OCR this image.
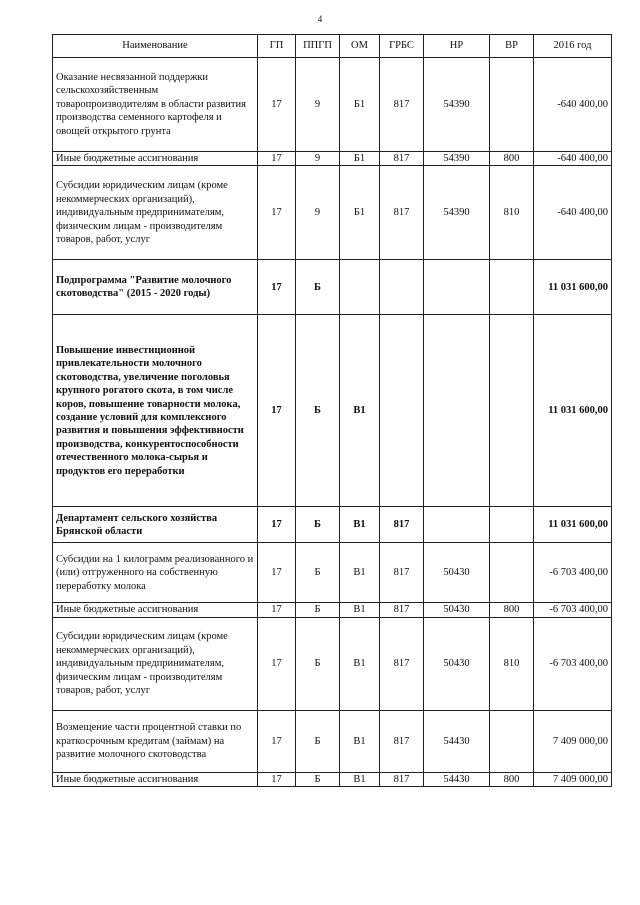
4
Наименование	ГП	ППГП	ОМ	ГРБС	НР	ВР	2016 год
Оказание несвязанной поддержки сельскохозяйственным товаропроизводителям в области развития производства семенного картофеля и овощей открытого грунта	17	9	Б1	817	54390		-640 400,00
Иные бюджетные ассигнования	17	9	Б1	817	54390	800	-640 400,00
Субсидии юридическим лицам (кроме некоммерческих организаций), индивидуальным предпринимателям, физическим лицам - производителям товаров, работ, услуг	17	9	Б1	817	54390	810	-640 400,00
Подпрограмма "Развитие молочного скотоводства" (2015 - 2020 годы)	17	Б					11 031 600,00
Повышение инвестиционной привлекательности молочного скотоводства, увеличение поголовья крупного рогатого скота, в том числе коров, повышение товарности молока, создание условий для комплексного развития и повышения эффективности производства, конкурентоспособности отечественного молока-сырья и продуктов его переработки	17	Б	В1				11 031 600,00
Департамент сельского хозяйства Брянской области	17	Б	В1	817			11 031 600,00
Субсидии на 1 килограмм реализованного и (или) отгруженного на собственную переработку молока	17	Б	В1	817	50430		-6 703 400,00
Иные бюджетные ассигнования	17	Б	В1	817	50430	800	-6 703 400,00
Субсидии юридическим лицам (кроме некоммерческих организаций), индивидуальным предпринимателям, физическим лицам - производителям товаров, работ, услуг	17	Б	В1	817	50430	810	-6 703 400,00
Возмещение части процентной ставки по краткосрочным кредитам (займам) на развитие молочного скотоводства	17	Б	В1	817	54430		7 409 000,00
Иные бюджетные ассигнования	17	Б	В1	817	54430	800	7 409 000,00
